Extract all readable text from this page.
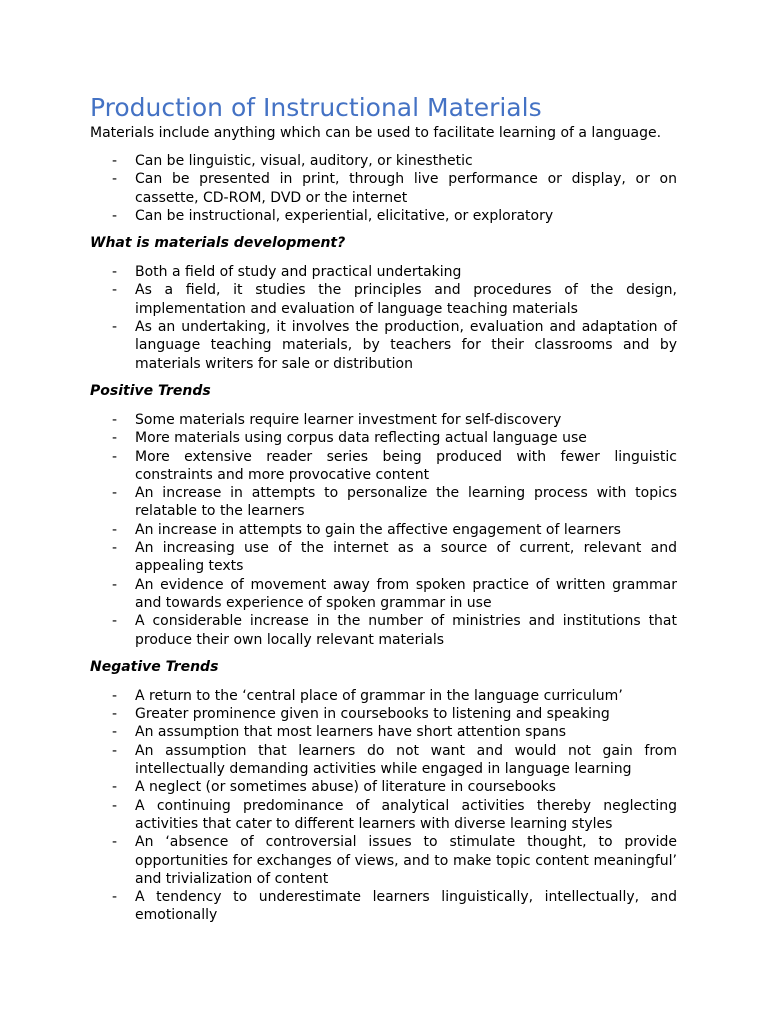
Production of Instructional Materials

Materials include anything which can be used to facilitate learning of a language.

- Can be linguistic, visual, auditory, or kinesthetic
- Can be presented in print, through live performance or display, or on cassette, CD-ROM, DVD or the internet
- Can be instructional, experiential, elicitative, or exploratory
What is materials development?
- Both a field of study and practical undertaking
- As a field, it studies the principles and procedures of the design, implementation and evaluation of language teaching materials
- As an undertaking, it involves the production, evaluation and adaptation of language teaching materials, by teachers for their classrooms and by materials writers for sale or distribution
Positive Trends
- Some materials require learner investment for self-discovery
- More materials using corpus data reflecting actual language use
- More extensive reader series being produced with fewer linguistic constraints and more provocative content
- An increase in attempts to personalize the learning process with topics relatable to the learners
- An increase in attempts to gain the affective engagement of learners
- An increasing use of the internet as a source of current, relevant and appealing texts
- An evidence of movement away from spoken practice of written grammar and towards experience of spoken grammar in use
- A considerable increase in the number of ministries and institutions that produce their own locally relevant materials
Negative Trends
- A return to the ‘central place of grammar in the language curriculum’
- Greater prominence given in coursebooks to listening and speaking
- An assumption that most learners have short attention spans
- An assumption that learners do not want and would not gain from intellectually demanding activities while engaged in language learning
- A neglect (or sometimes abuse) of literature in coursebooks
- A continuing predominance of analytical activities thereby neglecting activities that cater to different learners with diverse learning styles
- An ‘absence of controversial issues to stimulate thought, to provide opportunities for exchanges of views, and to make topic content meaningful’ and trivialization of content
- A tendency to underestimate learners linguistically, intellectually, and emotionally
